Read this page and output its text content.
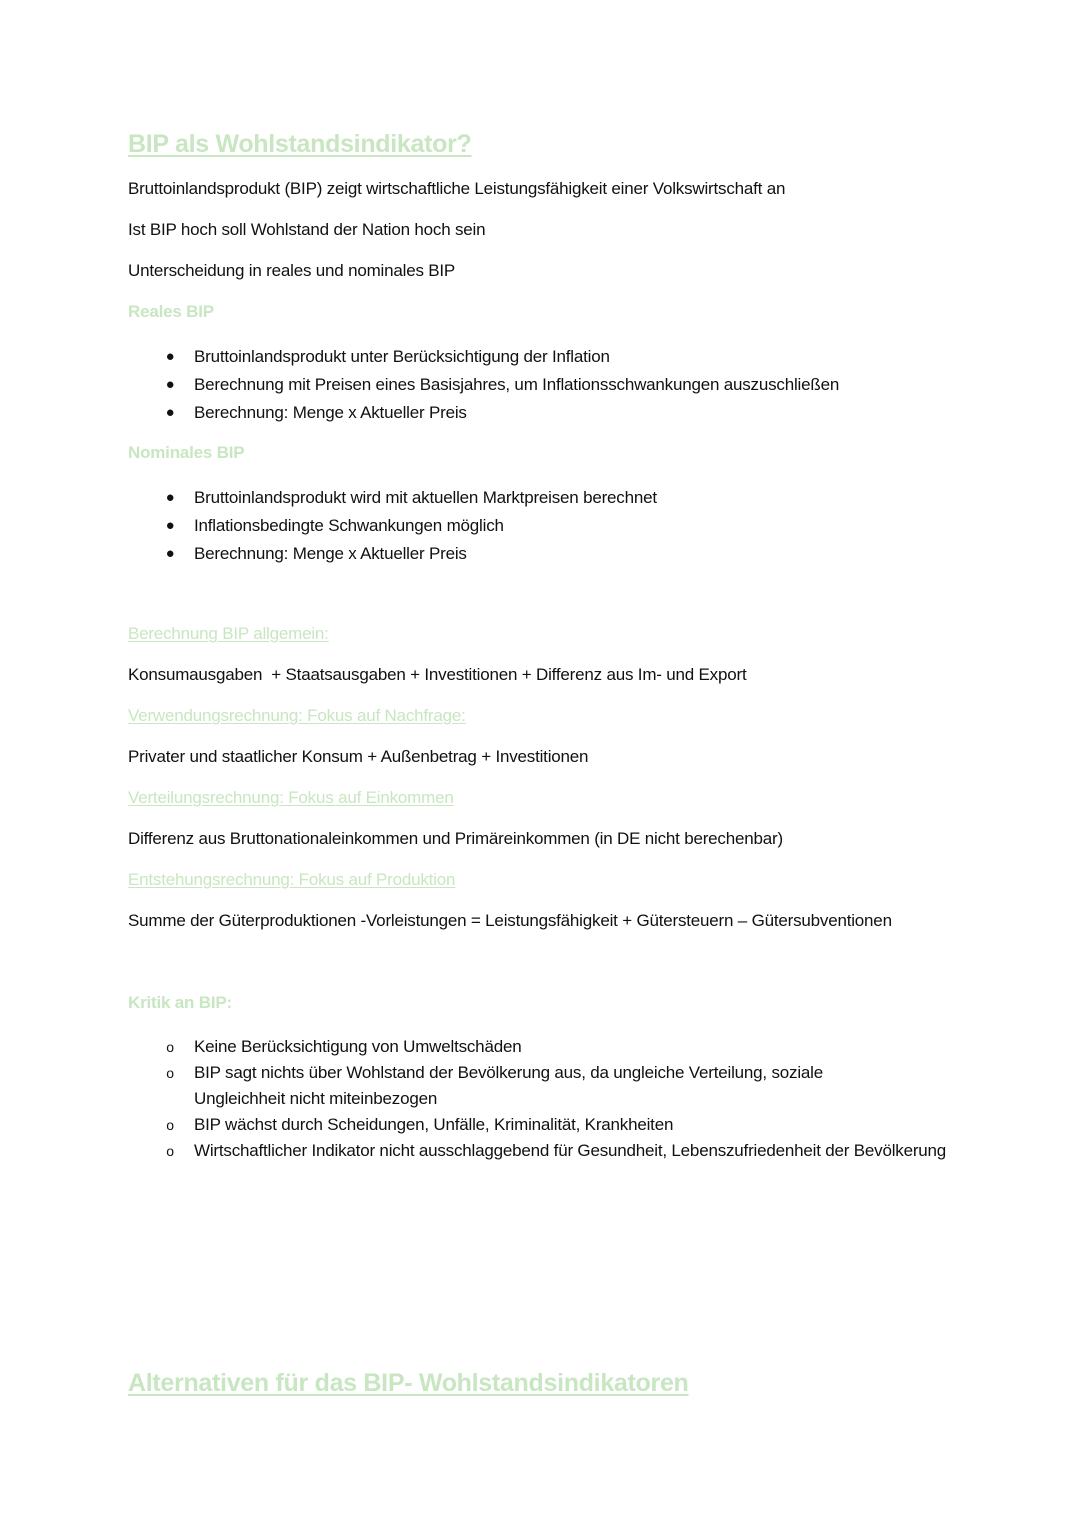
BIP als Wohlstandsindikator?
Bruttoinlandsprodukt (BIP) zeigt wirtschaftliche Leistungsfähigkeit einer Volkswirtschaft an
Ist BIP hoch soll Wohlstand der Nation hoch sein
Unterscheidung in reales und nominales BIP
Reales BIP
● Bruttoinlandsprodukt unter Berücksichtigung der Inflation
● Berechnung mit Preisen eines Basisjahres, um Inflationsschwankungen auszuschließen
● Berechnung: Menge x Aktueller Preis
Nominales BIP
● Bruttoinlandsprodukt wird mit aktuellen Marktpreisen berechnet
● Inflationsbedingte Schwankungen möglich
● Berechnung: Menge x Aktueller Preis
Berechnung BIP allgemein:
Konsumausgaben  + Staatsausgaben + Investitionen + Differenz aus Im- und Export
Verwendungsrechnung: Fokus auf Nachfrage:
Privater und staatlicher Konsum + Außenbetrag + Investitionen
Verteilungsrechnung: Fokus auf Einkommen
Differenz aus Bruttonationaleinkommen und Primäreinkommen (in DE nicht berechenbar)
Entstehungsrechnung: Fokus auf Produktion
Summe der Güterproduktionen -Vorleistungen = Leistungsfähigkeit + Gütersteuern – Gütersubventionen
Kritik an BIP:
o Keine Berücksichtigung von Umweltschäden
o BIP sagt nichts über Wohlstand der Bevölkerung aus, da ungleiche Verteilung, soziale Ungleichheit nicht miteinbezogen
o BIP wächst durch Scheidungen, Unfälle, Kriminalität, Krankheiten
o Wirtschaftlicher Indikator nicht ausschlaggebend für Gesundheit, Lebenszufriedenheit der Bevölkerung
Alternativen für das BIP- Wohlstandsindikatoren
